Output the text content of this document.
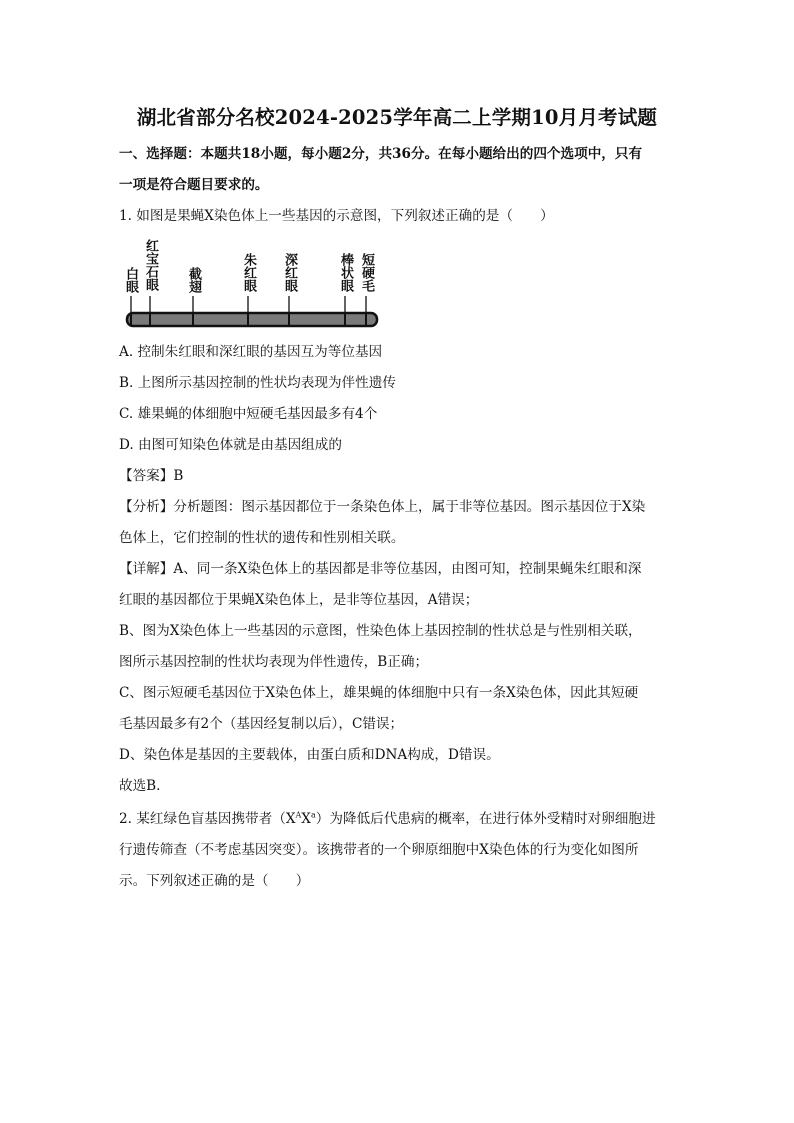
湖北省部分名校2024-2025学年高二上学期10月月考试题
一、选择题：本题共18小题，每小题2分，共36分。在每小题给出的四个选项中，只有
一项是符合题目要求的。
1. 如图是果蝇X染色体上一些基因的示意图，下列叙述正确的是（　　）
白眼 红宝石眼 截翅	朱红眼 深红眼	棒状眼 短硬毛
A. 控制朱红眼和深红眼的基因互为等位基因
B. 上图所示基因控制的性状均表现为伴性遗传
C. 雄果蝇的体细胞中短硬毛基因最多有4个
D. 由图可知染色体就是由基因组成的
【答案】B
【分析】分析题图：图示基因都位于一条染色体上，属于非等位基因。图示基因位于X染
色体上，它们控制的性状的遗传和性别相关联。
【详解】A、同一条X染色体上的基因都是非等位基因，由图可知，控制果蝇朱红眼和深
红眼的基因都位于果蝇X染色体上，是非等位基因，A错误；
B、图为X染色体上一些基因的示意图，性染色体上基因控制的性状总是与性别相关联，
图所示基因控制的性状均表现为伴性遗传，B正确；
C、图示短硬毛基因位于X染色体上，雄果蝇的体细胞中只有一条X染色体，因此其短硬
毛基因最多有2个（基因经复制以后），C错误；
D、染色体是基因的主要载体，由蛋白质和DNA构成，D错误。
故选B.
2. 某红绿色盲基因携带者$(X^AX^a)$为降低后代患病的概率，在进行体外受精时对卵细胞进
行遗传筛查（不考虑基因突变）。该携带者的一个卵原细胞中X染色体的行为变化如图所
示。下列叙述正确的是（　　）
